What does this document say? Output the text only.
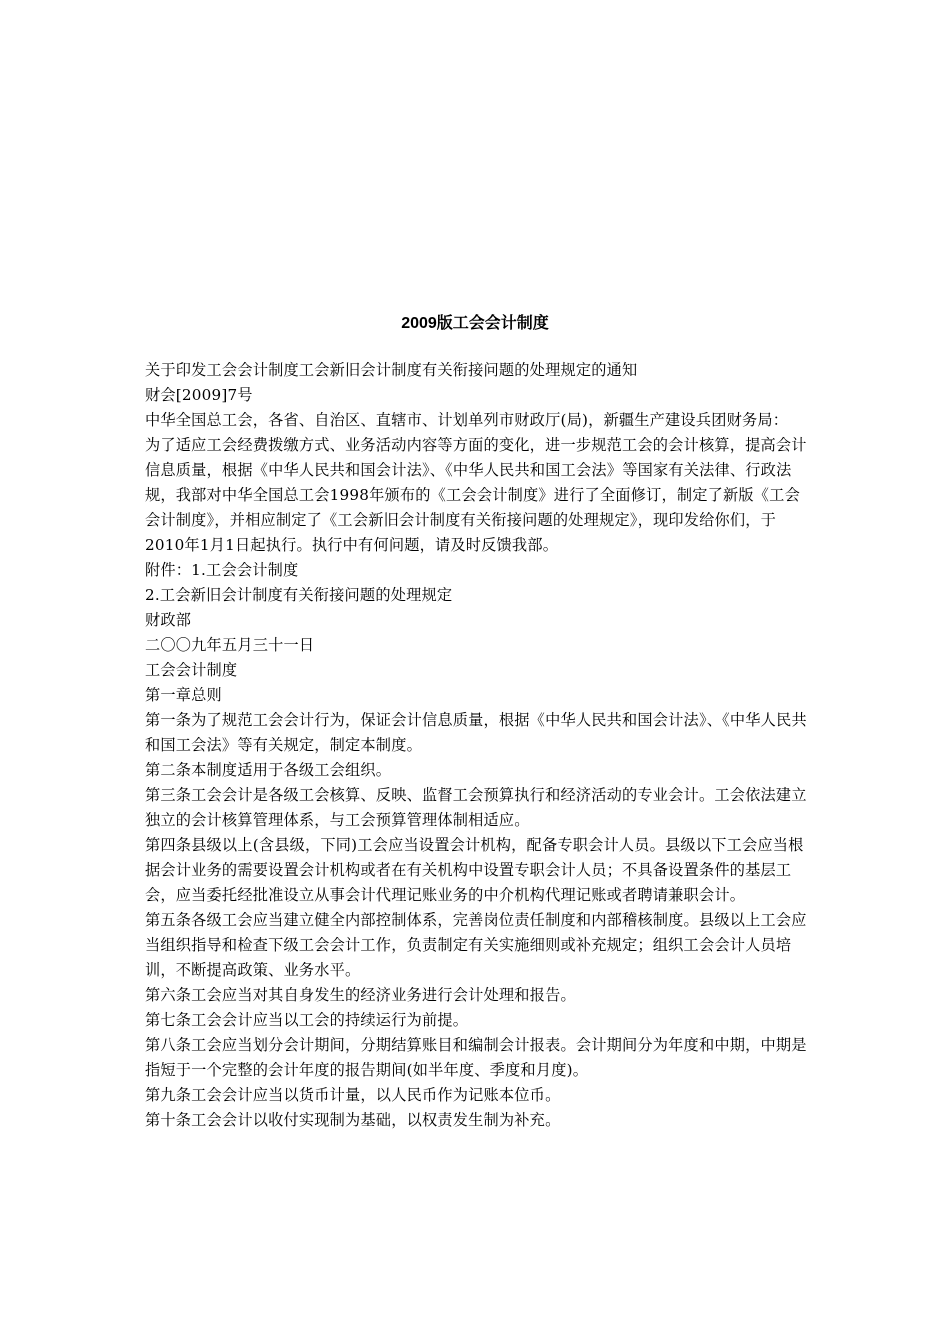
2009版工会会计制度

关于印发工会会计制度工会新旧会计制度有关衔接问题的处理规定的通知

财会[2009]7号

中华全国总工会，各省、自治区、直辖市、计划单列市财政厅(局)，新疆生产建设兵团财务局：

为了适应工会经费拨缴方式、业务活动内容等方面的变化，进一步规范工会的会计核算，提高会计信息质量，根据《中华人民共和国会计法》、《中华人民共和国工会法》等国家有关法律、行政法规，我部对中华全国总工会1998年颁布的《工会会计制度》进行了全面修订，制定了新版《工会会计制度》，并相应制定了《工会新旧会计制度有关衔接问题的处理规定》，现印发给你们，于2010年1月1日起执行。执行中有何问题，请及时反馈我部。

附件：1.工会会计制度

2.工会新旧会计制度有关衔接问题的处理规定

财政部

二〇〇九年五月三十一日

工会会计制度

第一章总则

第一条为了规范工会会计行为，保证会计信息质量，根据《中华人民共和国会计法》、《中华人民共和国工会法》等有关规定，制定本制度。

第二条本制度适用于各级工会组织。

第三条工会会计是各级工会核算、反映、监督工会预算执行和经济活动的专业会计。工会依法建立独立的会计核算管理体系，与工会预算管理体制相适应。

第四条县级以上(含县级，下同)工会应当设置会计机构，配备专职会计人员。县级以下工会应当根据会计业务的需要设置会计机构或者在有关机构中设置专职会计人员；不具备设置条件的基层工会，应当委托经批准设立从事会计代理记账业务的中介机构代理记账或者聘请兼职会计。

第五条各级工会应当建立健全内部控制体系，完善岗位责任制度和内部稽核制度。县级以上工会应当组织指导和检查下级工会会计工作，负责制定有关实施细则或补充规定；组织工会会计人员培训，不断提高政策、业务水平。

第六条工会应当对其自身发生的经济业务进行会计处理和报告。

第七条工会会计应当以工会的持续运行为前提。

第八条工会应当划分会计期间，分期结算账目和编制会计报表。会计期间分为年度和中期，中期是指短于一个完整的会计年度的报告期间(如半年度、季度和月度)。

第九条工会会计应当以货币计量，以人民币作为记账本位币。

第十条工会会计以收付实现制为基础，以权责发生制为补充。
